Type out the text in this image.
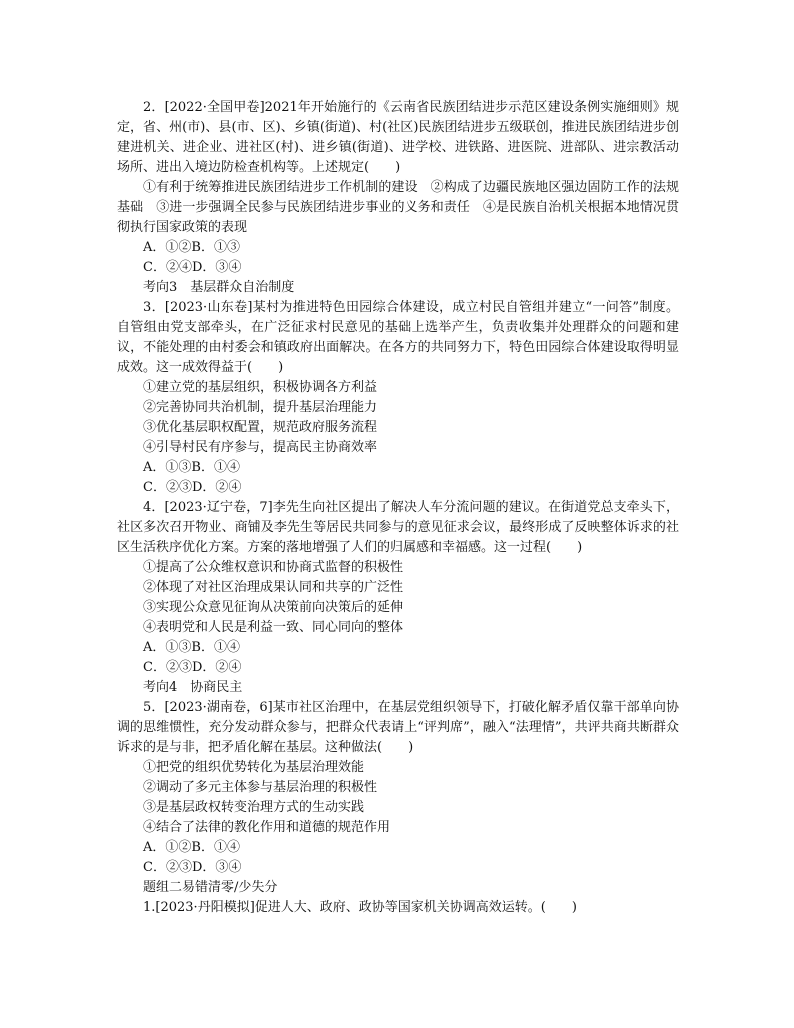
2．[2022·全国甲卷]2021年开始施行的《云南省民族团结进步示范区建设条例实施细则》规定，省、州(市)、县(市、区)、乡镇(街道)、村(社区)民族团结进步五级联创，推进民族团结进步创建进机关、进企业、进社区(村)、进乡镇(街道)、进学校、进铁路、进医院、进部队、进宗教活动场所、进出入境边防检查机构等。上述规定(　　)

①有利于统筹推进民族团结进步工作机制的建设　②构成了边疆民族地区强边固防工作的法规基础　③进一步强调全民参与民族团结进步事业的义务和责任　④是民族自治机关根据本地情况贯彻执行国家政策的表现

A．①②B．①③

C．②④D．③④

考向3　基层群众自治制度

3．[2023·山东卷]某村为推进特色田园综合体建设，成立村民自管组并建立“一问答”制度。自管组由党支部牵头，在广泛征求村民意见的基础上选举产生，负责收集并处理群众的问题和建议，不能处理的由村委会和镇政府出面解决。在各方的共同努力下，特色田园综合体建设取得明显成效。这一成效得益于(　　)

①建立党的基层组织，积极协调各方利益

②完善协同共治机制，提升基层治理能力

③优化基层职权配置，规范政府服务流程

④引导村民有序参与，提高民主协商效率

A．①③B．①④

C．②③D．②④

4．[2023·辽宁卷，7]李先生向社区提出了解决人车分流问题的建议。在街道党总支牵头下，社区多次召开物业、商铺及李先生等居民共同参与的意见征求会议，最终形成了反映整体诉求的社区生活秩序优化方案。方案的落地增强了人们的归属感和幸福感。这一过程(　　)

①提高了公众维权意识和协商式监督的积极性

②体现了对社区治理成果认同和共享的广泛性

③实现公众意见征询从决策前向决策后的延伸

④表明党和人民是利益一致、同心同向的整体

A．①③B．①④

C．②③D．②④

考向4　协商民主

5．[2023·湖南卷，6]某市社区治理中，在基层党组织领导下，打破化解矛盾仅靠干部单向协调的思维惯性，充分发动群众参与，把群众代表请上“评判席”，融入“法理情”，共评共商共断群众诉求的是与非，把矛盾化解在基层。这种做法(　　)

①把党的组织优势转化为基层治理效能

②调动了多元主体参与基层治理的积极性

③是基层政权转变治理方式的生动实践

④结合了法律的教化作用和道德的规范作用

A．①②B．①④

C．②③D．③④

题组二易错清零/少失分

1.[2023·丹阳模拟]促进人大、政府、政协等国家机关协调高效运转。(　　)
